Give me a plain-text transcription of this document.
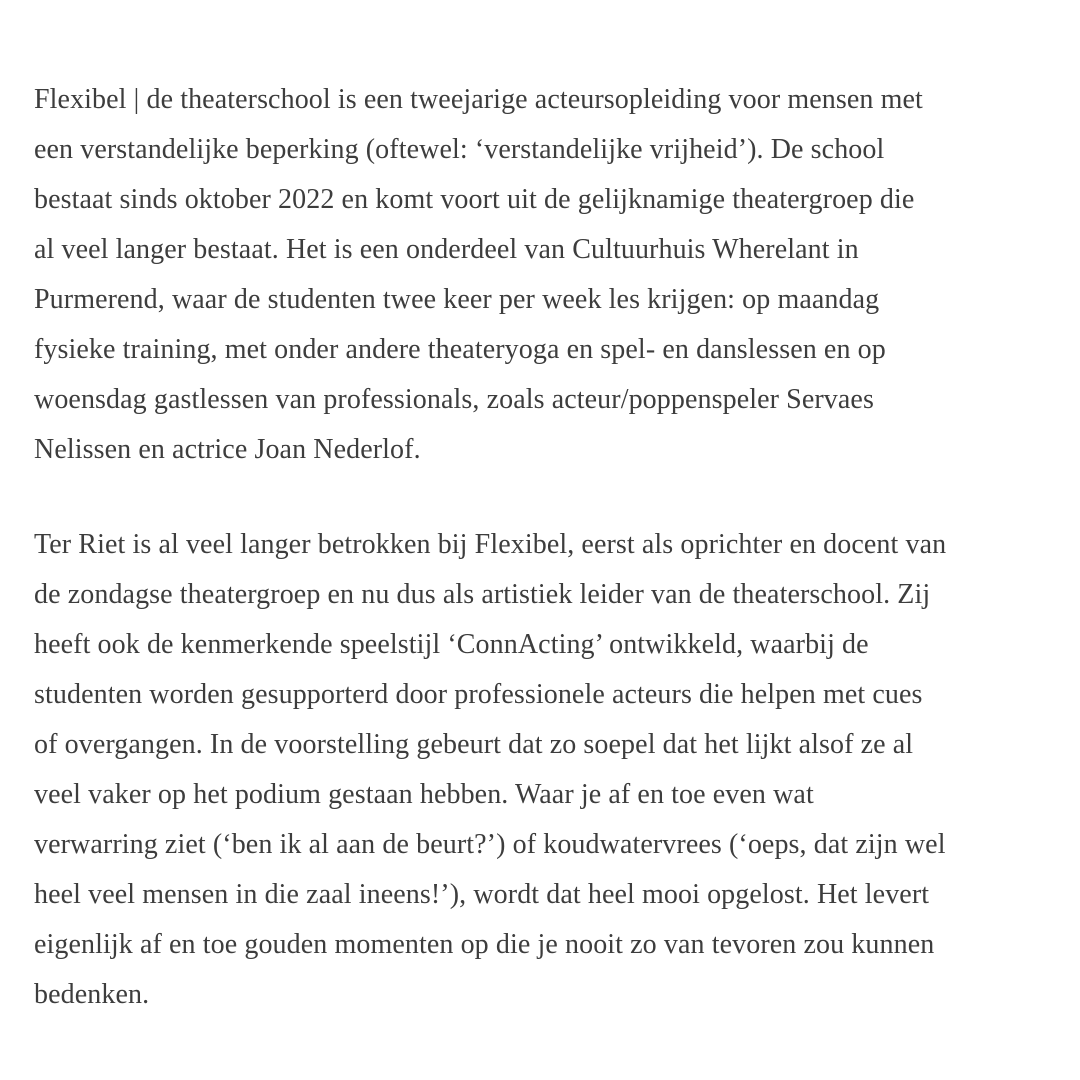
Flexibel | de theaterschool is een tweejarige acteursopleiding voor mensen met
een verstandelijke beperking (oftewel: ‘verstandelijke vrijheid’). De school
bestaat sinds oktober 2022 en komt voort uit de gelijknamige theatergroep die
al veel langer bestaat. Het is een onderdeel van Cultuurhuis Wherelant in
Purmerend, waar de studenten twee keer per week les krijgen: op maandag
fysieke training, met onder andere theateryoga en spel- en danslessen en op
woensdag gastlessen van professionals, zoals acteur/poppenspeler Servaes
Nelissen en actrice Joan Nederlof.

Ter Riet is al veel langer betrokken bij Flexibel, eerst als oprichter en docent van
de zondagse theatergroep en nu dus als artistiek leider van de theaterschool. Zij
heeft ook de kenmerkende speelstijl ‘ConnActing’ ontwikkeld, waarbij de
studenten worden gesupporterd door professionele acteurs die helpen met cues
of overgangen. In de voorstelling gebeurt dat zo soepel dat het lijkt alsof ze al
veel vaker op het podium gestaan hebben. Waar je af en toe even wat
verwarring ziet (‘ben ik al aan de beurt?’) of koudwatervrees (‘oeps, dat zijn wel
heel veel mensen in die zaal ineens!’), wordt dat heel mooi opgelost. Het levert
eigenlijk af en toe gouden momenten op die je nooit zo van tevoren zou kunnen
bedenken.
